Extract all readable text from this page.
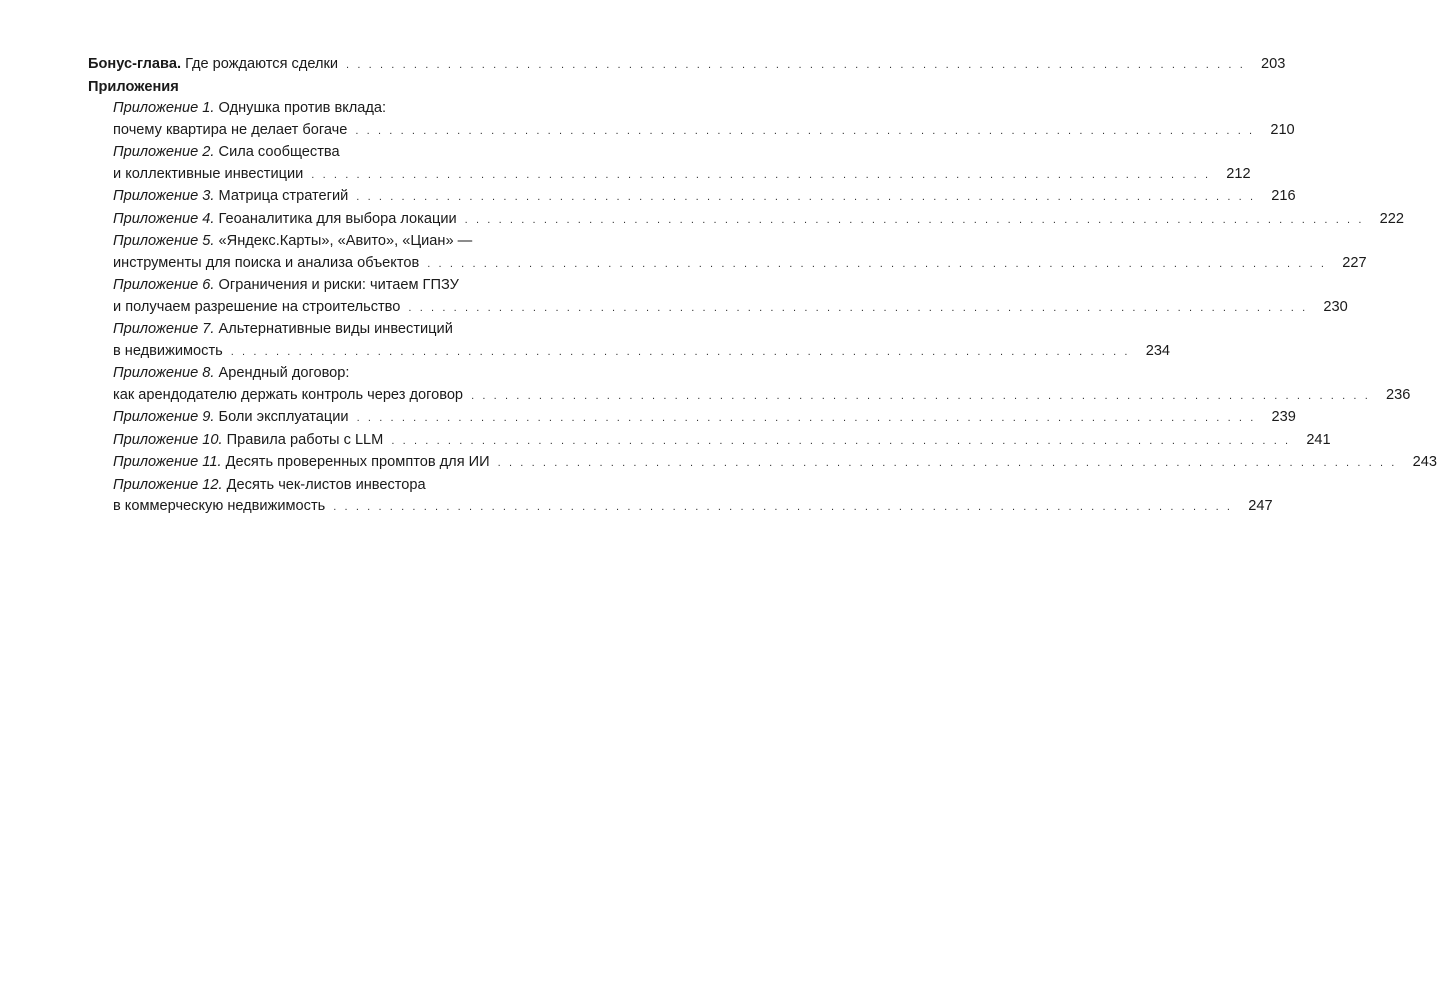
Бонус-глава. Где рождаются сделки . . . . . . . . . . . . . . . . . . . . . . . . . . . . . . . . . . . . . . . . . . . . . . . . . . . . . . . . . . . . . . . . . . . . . . . . . . . . . . . .	203
Приложения
Приложение 1. Однушка против вклада:
почему квартира не делает богаче . . . . . . . . . . . . . . . . . . . . . . . . . . . . . . . . . . . . . . . . . . . . . . . . . . . . . . . . . . . . . . . . . . . . . . . . . . . . . . . .	210
Приложение 2. Сила сообщества
и коллективные инвестиции . . . . . . . . . . . . . . . . . . . . . . . . . . . . . . . . . . . . . . . . . . . . . . . . . . . . . . . . . . . . . . . . . . . . . . . . . . . . . . . .	212
Приложение 3. Матрица стратегий . . . . . . . . . . . . . . . . . . . . . . . . . . . . . . . . . . . . . . . . . . . . . . . . . . . . . . . . . . . . . . . . . . . . . . . . . . . . . . . .	216
Приложение 4. Геоаналитика для выбора локации . . . . . . . . . . . . . . . . . . . . . . . . . . . . . . . . . . . . . . . . . . . . . . . . . . . . . . . . . . . . . . . . . . . . . . . . . . . . . . . .	222
Приложение 5. «Яндекс.Карты», «Авито», «Циан» —
инструменты для поиска и анализа объектов . . . . . . . . . . . . . . . . . . . . . . . . . . . . . . . . . . . . . . . . . . . . . . . . . . . . . . . . . . . . . . . . . . . . . . . . . . . . . . . .	227
Приложение 6. Ограничения и риски: читаем ГПЗУ
и получаем разрешение на строительство . . . . . . . . . . . . . . . . . . . . . . . . . . . . . . . . . . . . . . . . . . . . . . . . . . . . . . . . . . . . . . . . . . . . . . . . . . . . . . . .	230
Приложение 7. Альтернативные виды инвестиций
в недвижимость . . . . . . . . . . . . . . . . . . . . . . . . . . . . . . . . . . . . . . . . . . . . . . . . . . . . . . . . . . . . . . . . . . . . . . . . . . . . . . . .	234
Приложение 8. Арендный договор:
как арендодателю держать контроль через договор . . . . . . . . . . . . . . . . . . . . . . . . . . . . . . . . . . . . . . . . . . . . . . . . . . . . . . . . . . . . . . . . . . . . . . . . . . . . . . . .	236
Приложение 9. Боли эксплуатации . . . . . . . . . . . . . . . . . . . . . . . . . . . . . . . . . . . . . . . . . . . . . . . . . . . . . . . . . . . . . . . . . . . . . . . . . . . . . . . .	239
Приложение 10. Правила работы с LLM . . . . . . . . . . . . . . . . . . . . . . . . . . . . . . . . . . . . . . . . . . . . . . . . . . . . . . . . . . . . . . . . . . . . . . . . . . . . . . . .	241
Приложение 11. Десять проверенных промптов для ИИ . . . . . . . . . . . . . . . . . . . . . . . . . . . . . . . . . . . . . . . . . . . . . . . . . . . . . . . . . . . . . . . . . . . . . . . . . . . . . . . .	243
Приложение 12. Десять чек-листов инвестора
в коммерческую недвижимость . . . . . . . . . . . . . . . . . . . . . . . . . . . . . . . . . . . . . . . . . . . . . . . . . . . . . . . . . . . . . . . . . . . . . . . . . . . . . . . .	247
